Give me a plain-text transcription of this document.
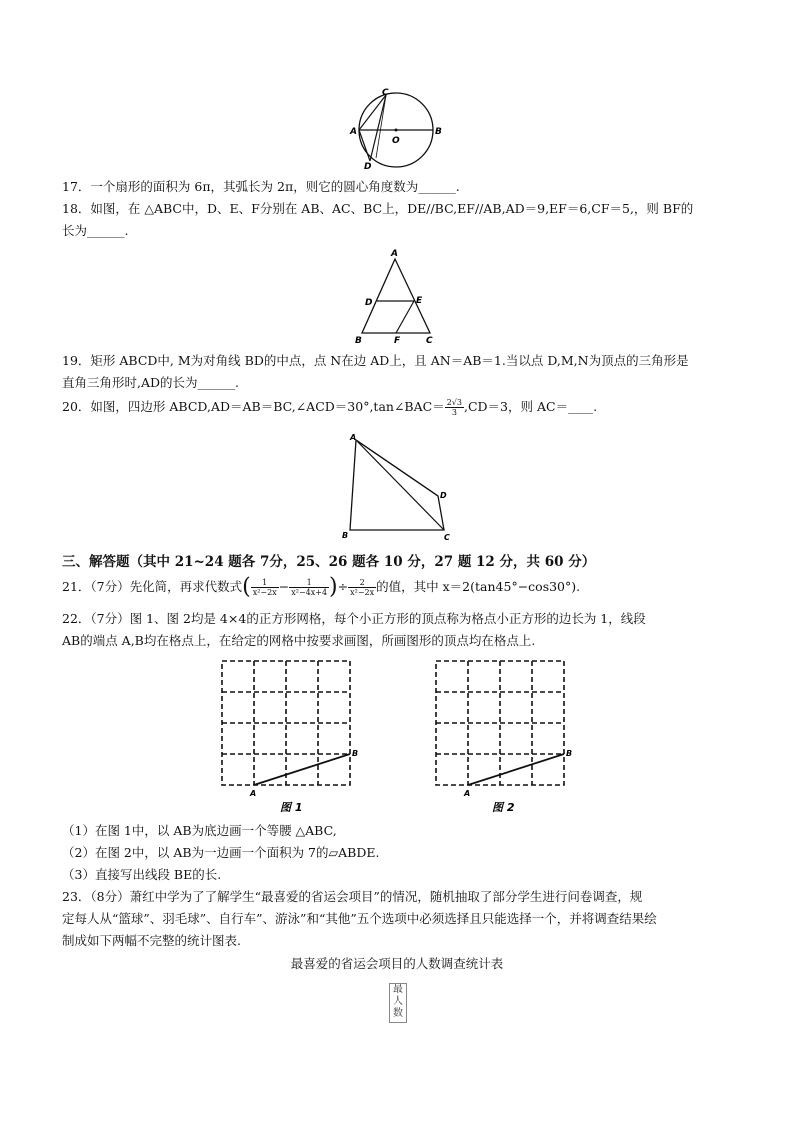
A	B
C
D
O
17．一个扇形的面积为 6π，其弧长为 2π，则它的圆心角度数为______.
18．如图，在 △ABC中，D、E、F分别在 AB、AC、BC上，DE//BC,EF//AB,AD＝9,EF＝6,CF＝5,，则 BF的
长为______.
A
D	E
B	F	C
19．矩形 ABCD中, M为对角线 BD的中点，点 N在边 AD上，且 AN＝AB＝1.当以点 D,M,N为顶点的三角形是
直角三角形时,AD的长为______.
20．如图，四边形 ABCD,AD＝AB＝BC,∠ACD＝30°,tan∠BAC＝ $\frac{2√3}{3} ,CD=3$，则 AC＝____.
A
B	C
D
三、解答题（其中 21~24 题各 7分，25、26 题各 10 分，27 题 12 分，共 60 分）
21．（7分）先化简，再求代数式( $\frac{1}{\text{x²−2x}} - \frac{1}{\text{x²−4x+4}}$ )÷ $\frac{2}{\text{x²−2x}}$ 的值，其中 x＝2(tan45°−cos30°).
22．（7分）图 1、图 2均是 4×4的正方形网格，每个小正方形的顶点称为格点小正方形的边长为 1，线段
AB的端点 A,B均在格点上，在给定的网格中按要求画图，所画图形的顶点均在格点上.
A
B
图 1
A
B
图 2
（1）在图 1中，以 AB为底边画一个等腰 △ABC,
（2）在图 2中，以 AB为一边画一个面积为 7的▱ABDE.
（3）直接写出线段 BE的长.
23．（8分）萧红中学为了了解学生“最喜爱的省运会项目”的情况，随机抽取了部分学生进行问卷调查，规
定每人从“篮球”、羽毛球”、自行车”、游泳”和“其他”五个选项中必须选择且只能选择一个，并将调查结果绘
制成如下两幅不完整的统计图表.
最喜爱的省运会项目的人数调查统计表
最人数
